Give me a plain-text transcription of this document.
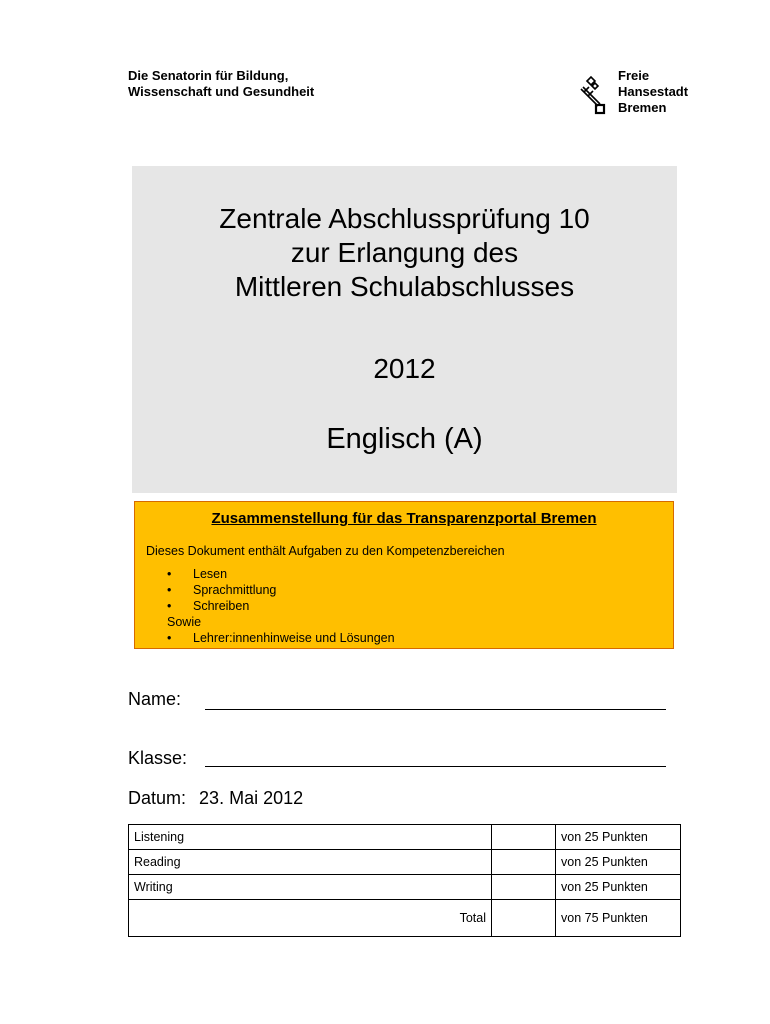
Die Senatorin für Bildung,
Wissenschaft und Gesundheit
Freie
Hansestadt
Bremen
Zentrale Abschlussprüfung 10
zur Erlangung des
Mittleren Schulabschlusses
2012
Englisch (A)
Zusammenstellung für das Transparenzportal Bremen
Dieses Dokument enthält Aufgaben zu den Kompetenzbereichen
• Lesen
• Sprachmittlung
• Schreiben
Sowie
• Lehrer:innenhinweise und Lösungen
Name:
Klasse:
Datum: 23. Mai 2012
Listening		von 25 Punkten
Reading		von 25 Punkten
Writing		von 25 Punkten
Total		von 75 Punkten
